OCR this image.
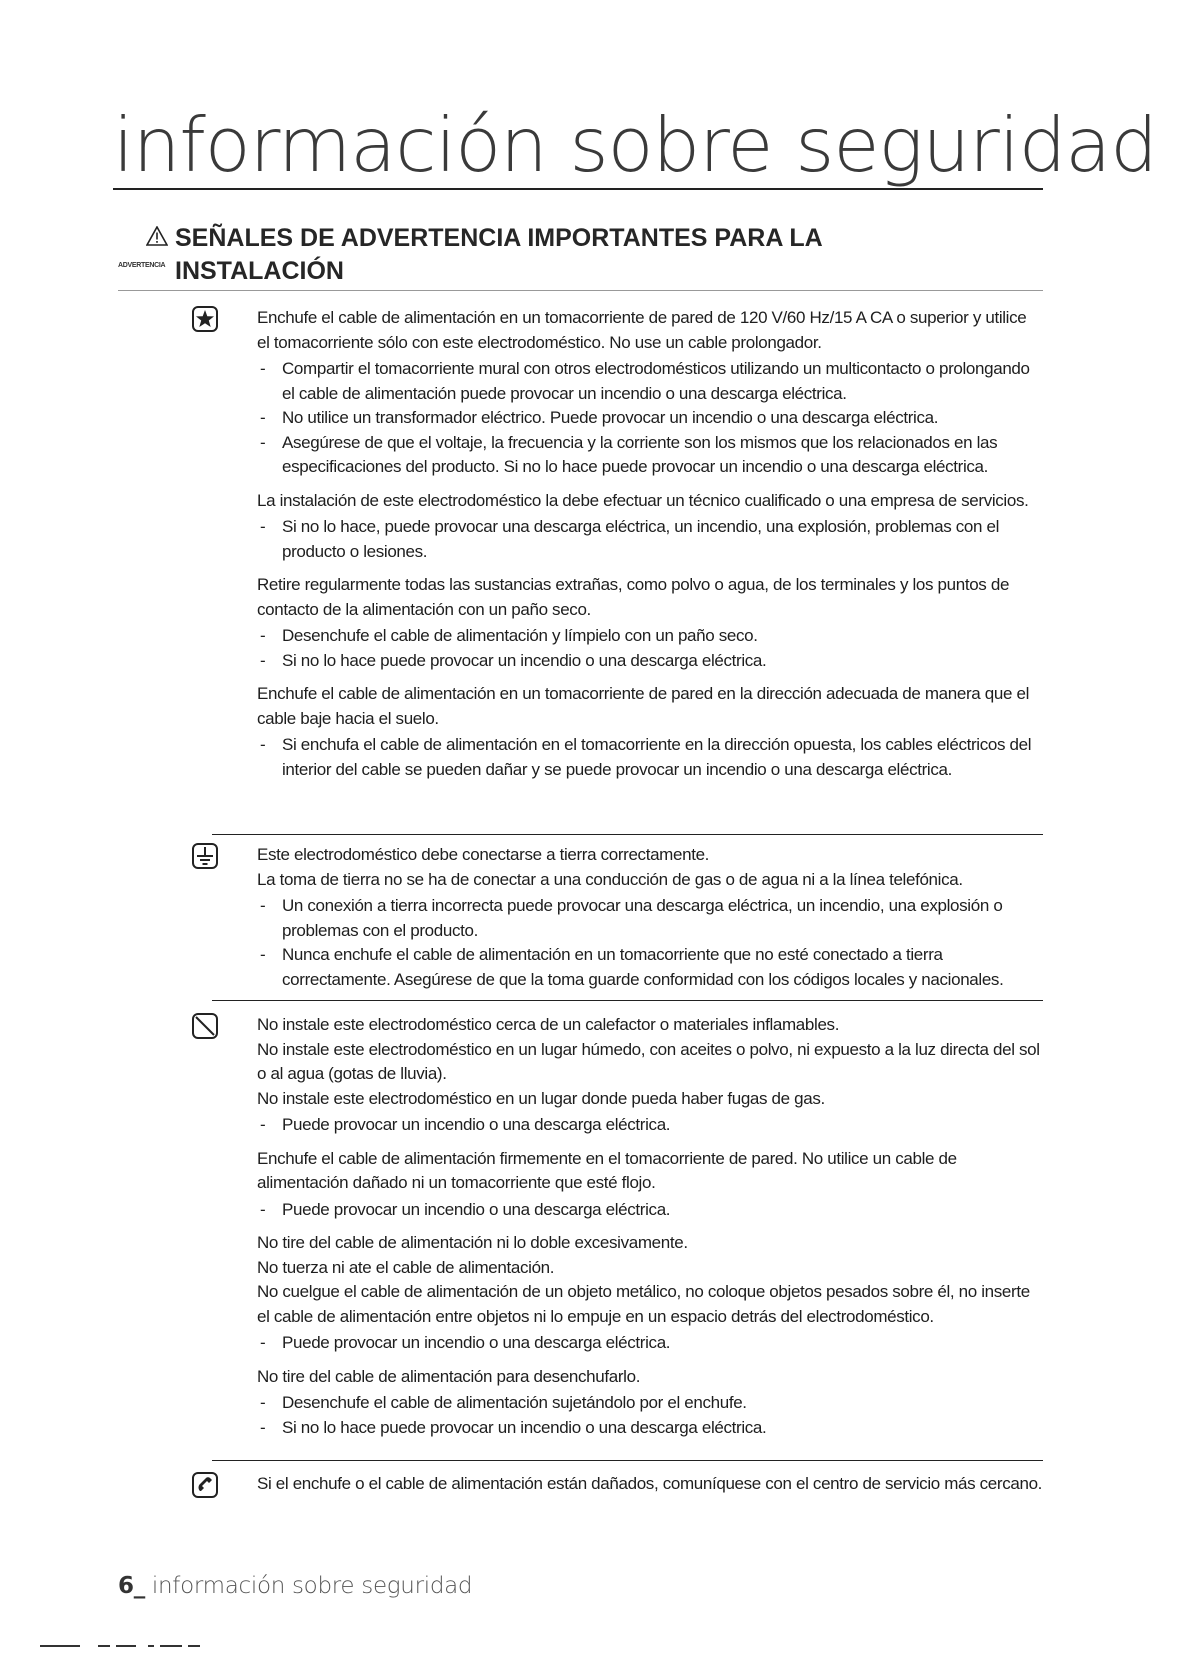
información sobre seguridad
ADVERTENCIA
SEÑALES DE ADVERTENCIA IMPORTANTES PARA LA
INSTALACIÓN

Enchufe el cable de alimentación en un tomacorriente de pared de 120 V/60 Hz/15 A CA o superior y utilice el tomacorriente sólo con este electrodoméstico. No use un cable prolongador.

- Compartir el tomacorriente mural con otros electrodomésticos utilizando un multicontacto o prolongando el cable de alimentación puede provocar un incendio o una descarga eléctrica.

- No utilice un transformador eléctrico. Puede provocar un incendio o una descarga eléctrica.

- Asegúrese de que el voltaje, la frecuencia y la corriente son los mismos que los relacionados en las especificaciones del producto. Si no lo hace puede provocar un incendio o una descarga eléctrica.

La instalación de este electrodoméstico la debe efectuar un técnico cualificado o una empresa de servicios.

- Si no lo hace, puede provocar una descarga eléctrica, un incendio, una explosión, problemas con el producto o lesiones.

Retire regularmente todas las sustancias extrañas, como polvo o agua, de los terminales y los puntos de contacto de la alimentación con un paño seco.

- Desenchufe el cable de alimentación y límpielo con un paño seco.

- Si no lo hace puede provocar un incendio o una descarga eléctrica.

Enchufe el cable de alimentación en un tomacorriente de pared en la dirección adecuada de manera que el cable baje hacia el suelo.

- Si enchufa el cable de alimentación en el tomacorriente en la dirección opuesta, los cables eléctricos del interior del cable se pueden dañar y se puede provocar un incendio o una descarga eléctrica.

Este electrodoméstico debe conectarse a tierra correctamente.

La toma de tierra no se ha de conectar a una conducción de gas o de agua ni a la línea telefónica.

- Un conexión a tierra incorrecta puede provocar una descarga eléctrica, un incendio, una explosión o problemas con el producto.

- Nunca enchufe el cable de alimentación en un tomacorriente que no esté conectado a tierra correctamente. Asegúrese de que la toma guarde conformidad con los códigos locales y nacionales.

No instale este electrodoméstico cerca de un calefactor o materiales inflamables.

No instale este electrodoméstico en un lugar húmedo, con aceites o polvo, ni expuesto a la luz directa del sol o al agua (gotas de lluvia).

No instale este electrodoméstico en un lugar donde pueda haber fugas de gas.

- Puede provocar un incendio o una descarga eléctrica.

Enchufe el cable de alimentación firmemente en el tomacorriente de pared. No utilice un cable de alimentación dañado ni un tomacorriente que esté flojo.

- Puede provocar un incendio o una descarga eléctrica.

No tire del cable de alimentación ni lo doble excesivamente.

No tuerza ni ate el cable de alimentación.

No cuelgue el cable de alimentación de un objeto metálico, no coloque objetos pesados sobre él, no inserte el cable de alimentación entre objetos ni lo empuje en un espacio detrás del electrodoméstico.

- Puede provocar un incendio o una descarga eléctrica.

No tire del cable de alimentación para desenchufarlo.

- Desenchufe el cable de alimentación sujetándolo por el enchufe.

- Si no lo hace puede provocar un incendio o una descarga eléctrica.

Si el enchufe o el cable de alimentación están dañados, comuníquese con el centro de servicio más cercano.

6_ información sobre seguridad
